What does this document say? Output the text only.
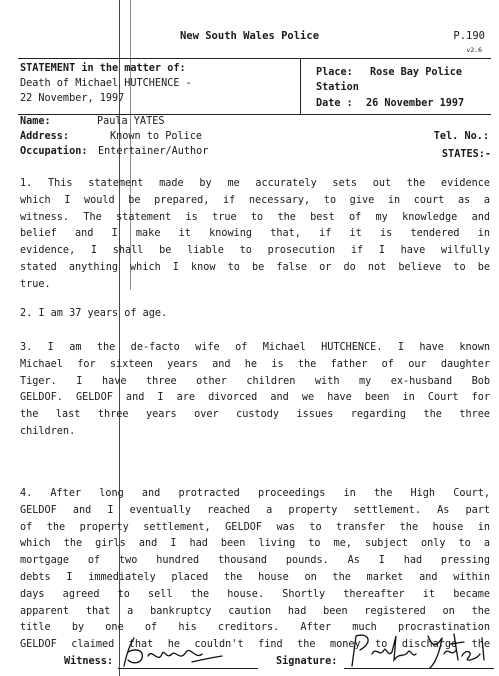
New South Wales Police	P.190
v2.6
STATEMENT in the matter of:
Death of Michael HUTCHENCE -
22 November, 1997
Place: Rose Bay Police
Station
Date : 26 November 1997
Name:	Paula YATES
Address:	Known to Police
Occupation: Entertainer/Author
Tel. No.:
STATES:-
1. This statement made by me accurately sets out the evidence
which I would be prepared, if necessary, to give in court as a
witness. The statement is true to the best of my knowledge and
belief and I make it knowing that, if it is tendered in
evidence, I shall be liable to prosecution if I have wilfully
stated anything which I know to be false or do not believe to be
true.
2. I am 37 years of age.
3. I am the de-facto wife of Michael HUTCHENCE. I have known
Michael for sixteen years and he is the father of our daughter
Tiger. I have three other children with my ex-husband Bob
GELDOF. GELDOF and I are divorced and we have been in Court for
the last three years over custody issues regarding the three
children.
4. After long and protracted proceedings in the High Court,
GELDOF and I eventually reached a property settlement. As part
of the property settlement, GELDOF was to transfer the house in
which the girls and I had been living to me, subject only to a
mortgage of two hundred thousand pounds. As I had pressing
debts I immediately placed the house on the market and within
days agreed to sell the house. Shortly thereafter it became
apparent that a bankruptcy caution had been registered on the
title by one of his creditors. After much procrastination
GELDOF claimed that he couldn't find the money to discharge the
Witness:	Signature:
